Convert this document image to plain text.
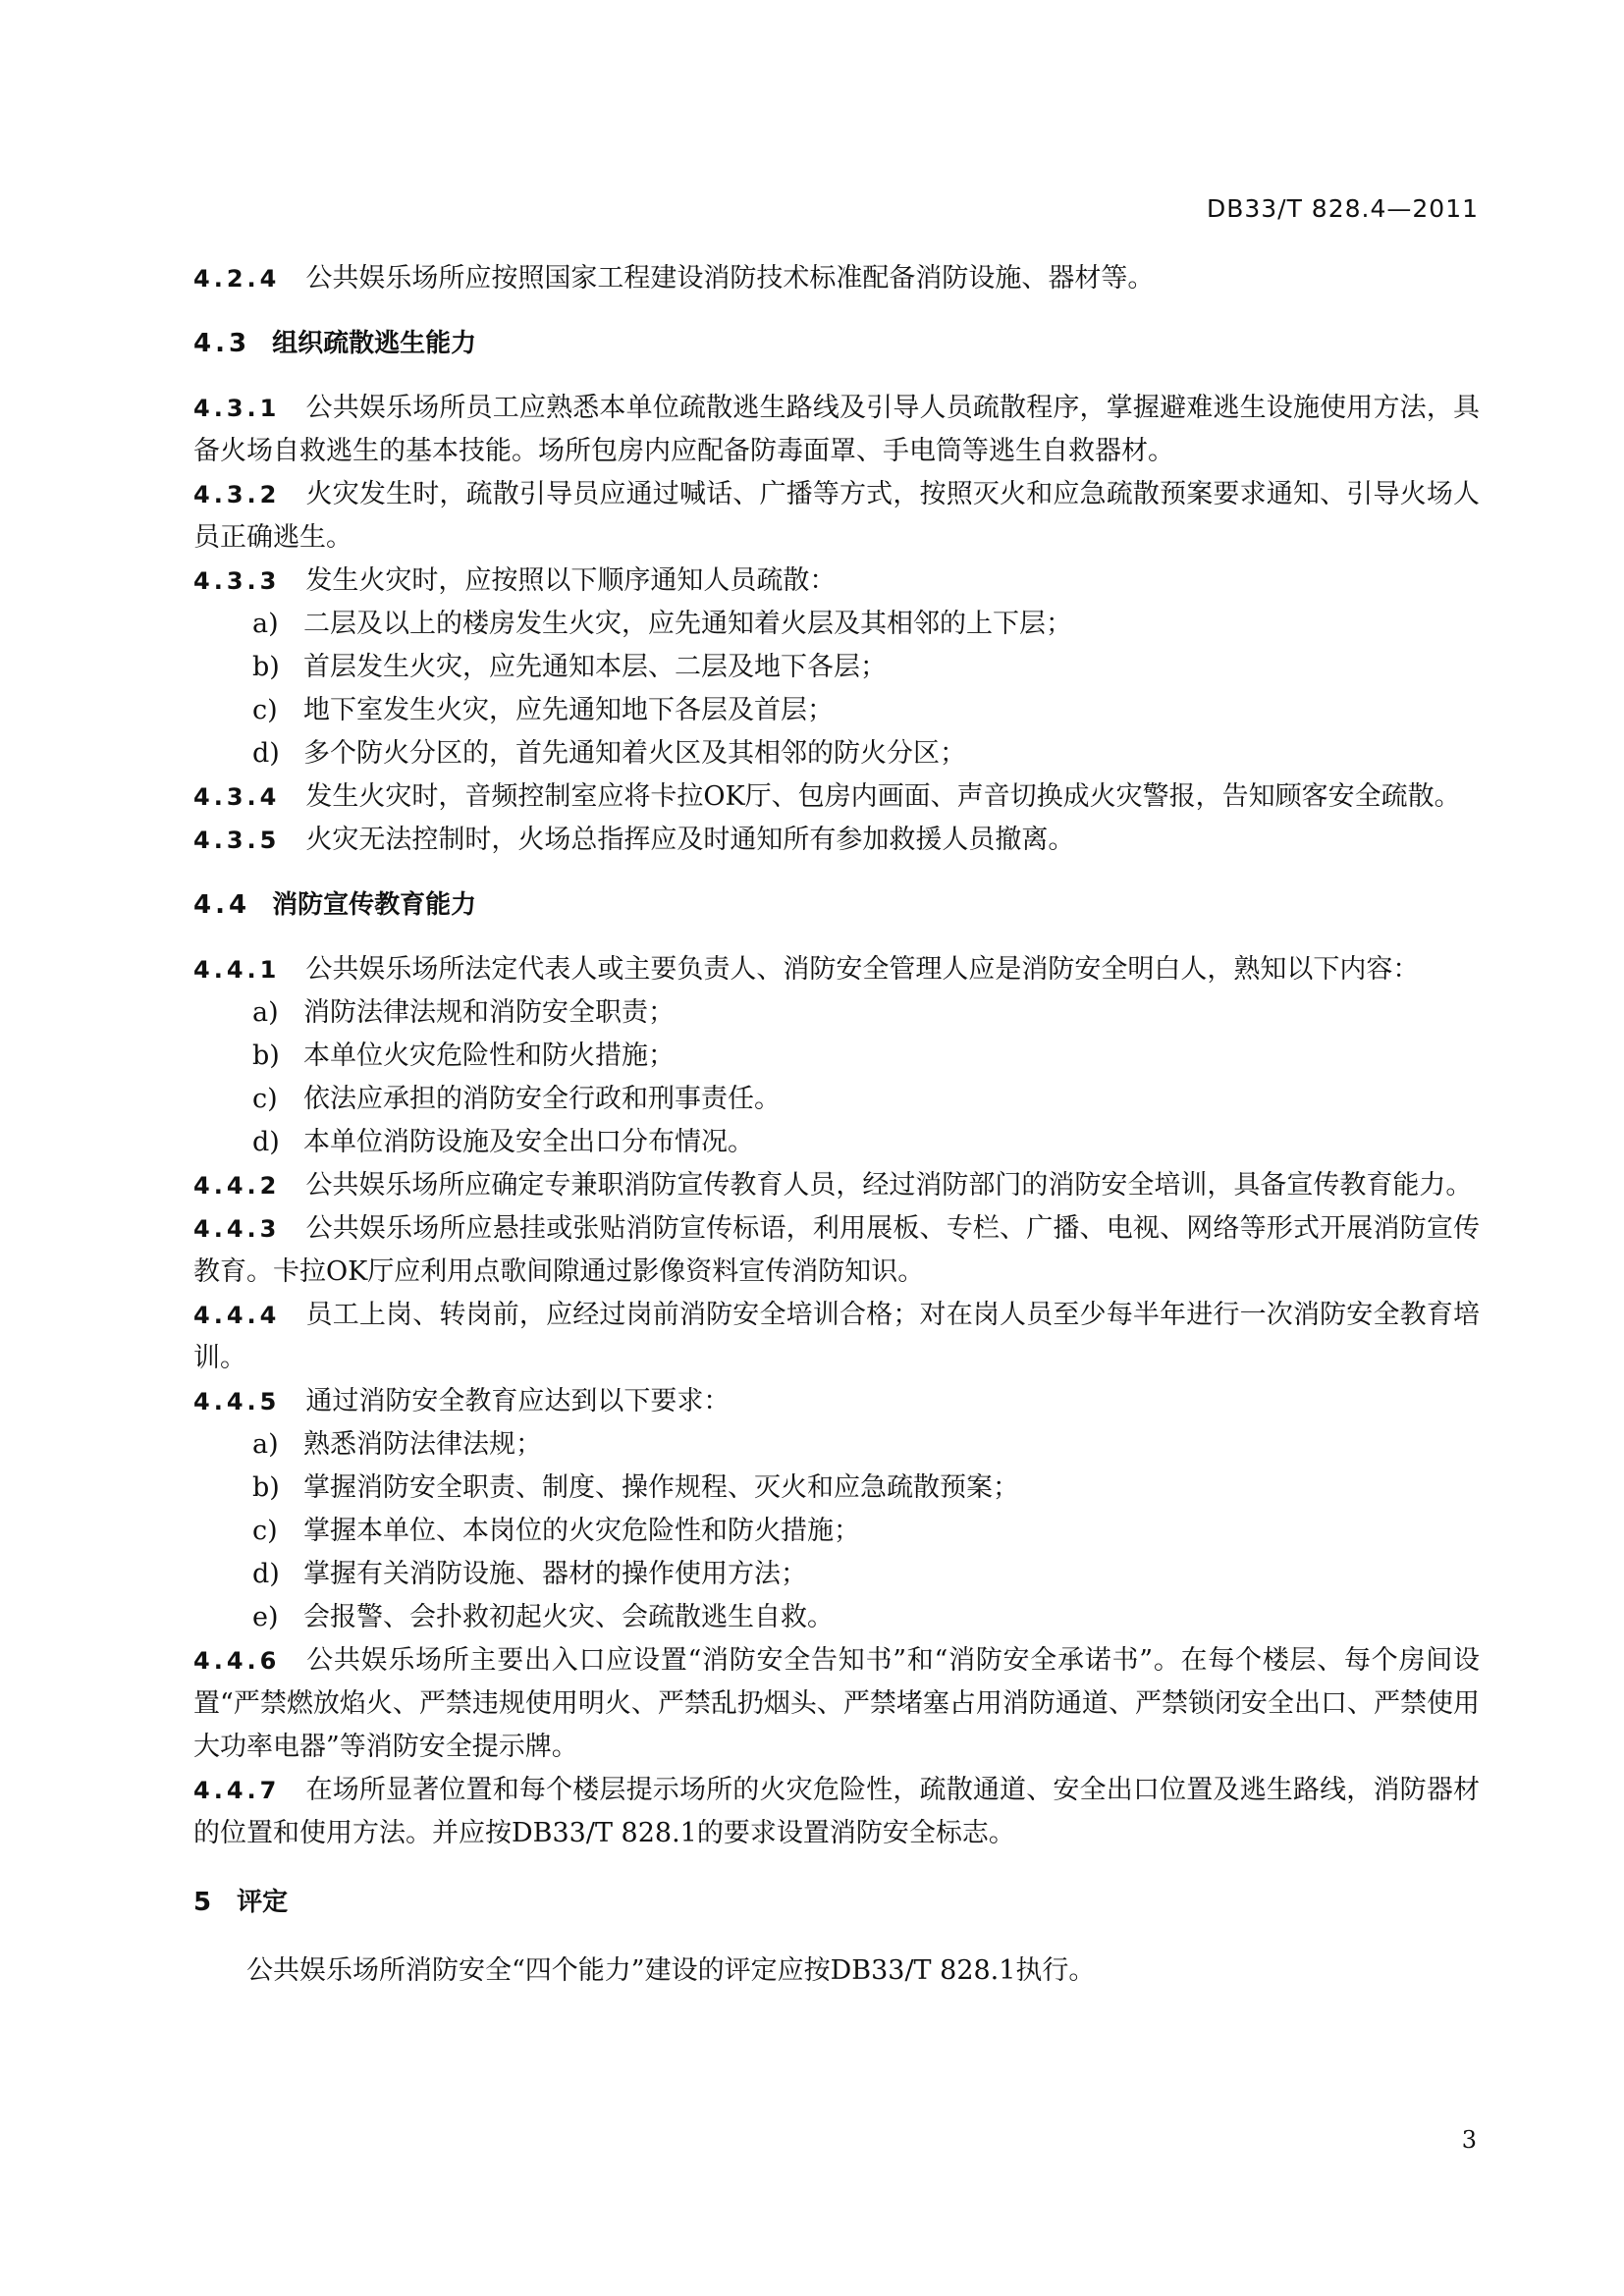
DB33/T 828.4—2011

4.2.4 公共娱乐场所应按照国家工程建设消防技术标准配备消防设施、器材等。

4.3 组织疏散逃生能力

4.3.1 公共娱乐场所员工应熟悉本单位疏散逃生路线及引导人员疏散程序，掌握避难逃生设施使用方法，具备火场自救逃生的基本技能。场所包房内应配备防毒面罩、手电筒等逃生自救器材。

4.3.2 火灾发生时，疏散引导员应通过喊话、广播等方式，按照灭火和应急疏散预案要求通知、引导火场人员正确逃生。

4.3.3 发生火灾时，应按照以下顺序通知人员疏散：

a) 二层及以上的楼房发生火灾，应先通知着火层及其相邻的上下层；

b) 首层发生火灾，应先通知本层、二层及地下各层；

c) 地下室发生火灾，应先通知地下各层及首层；

d) 多个防火分区的，首先通知着火区及其相邻的防火分区；

4.3.4 发生火灾时，音频控制室应将卡拉OK厅、包房内画面、声音切换成火灾警报，告知顾客安全疏散。

4.3.5 火灾无法控制时，火场总指挥应及时通知所有参加救援人员撤离。

4.4 消防宣传教育能力

4.4.1 公共娱乐场所法定代表人或主要负责人、消防安全管理人应是消防安全明白人，熟知以下内容：

a) 消防法律法规和消防安全职责；

b) 本单位火灾危险性和防火措施；

c) 依法应承担的消防安全行政和刑事责任。

d) 本单位消防设施及安全出口分布情况。

4.4.2 公共娱乐场所应确定专兼职消防宣传教育人员，经过消防部门的消防安全培训，具备宣传教育能力。

4.4.3 公共娱乐场所应悬挂或张贴消防宣传标语，利用展板、专栏、广播、电视、网络等形式开展消防宣传教育。卡拉OK厅应利用点歌间隙通过影像资料宣传消防知识。

4.4.4 员工上岗、转岗前，应经过岗前消防安全培训合格；对在岗人员至少每半年进行一次消防安全教育培训。

4.4.5 通过消防安全教育应达到以下要求：

a) 熟悉消防法律法规；

b) 掌握消防安全职责、制度、操作规程、灭火和应急疏散预案；

c) 掌握本单位、本岗位的火灾危险性和防火措施；

d) 掌握有关消防设施、器材的操作使用方法；

e) 会报警、会扑救初起火灾、会疏散逃生自救。

4.4.6 公共娱乐场所主要出入口应设置“消防安全告知书”和“消防安全承诺书”。在每个楼层、每个房间设置“严禁燃放焰火、严禁违规使用明火、严禁乱扔烟头、严禁堵塞占用消防通道、严禁锁闭安全出口、严禁使用大功率电器”等消防安全提示牌。

4.4.7 在场所显著位置和每个楼层提示场所的火灾危险性，疏散通道、安全出口位置及逃生路线，消防器材的位置和使用方法。并应按DB33/T 828.1的要求设置消防安全标志。

5 评定

公共娱乐场所消防安全“四个能力”建设的评定应按DB33/T 828.1执行。

3
